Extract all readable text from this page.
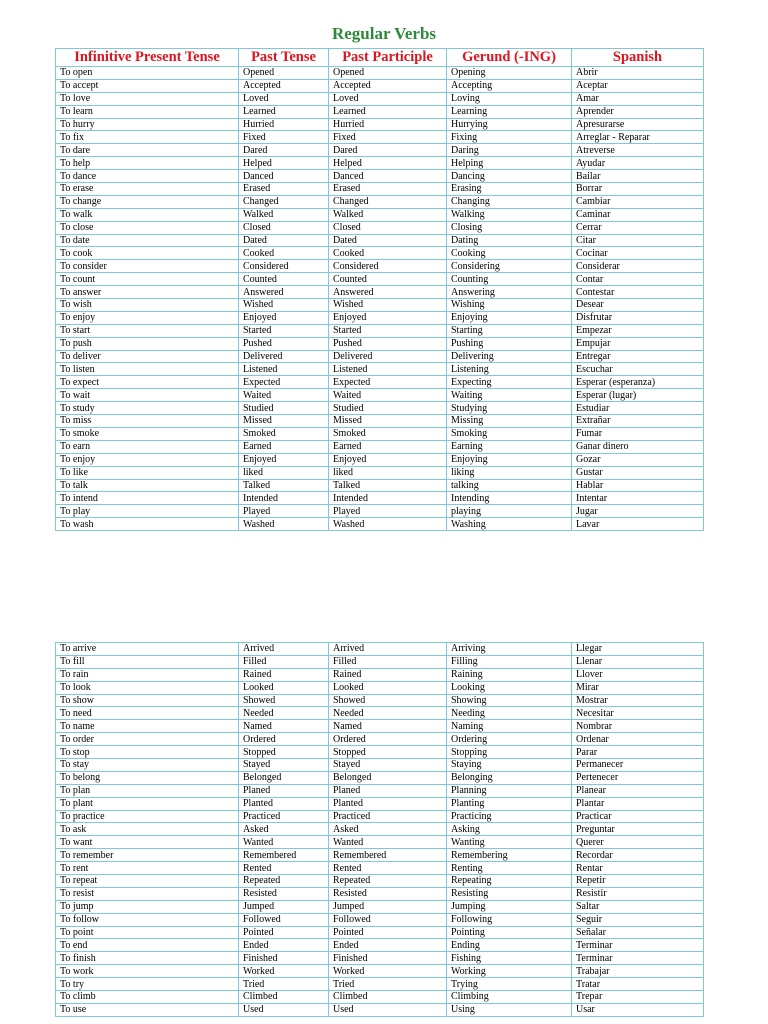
Regular Verbs
Infinitive Present Tense	Past Tense	Past Participle	Gerund (-ING)	Spanish
To open	Opened	Opened	Opening	Abrir
To accept	Accepted	Accepted	Accepting	Aceptar
To love	Loved	Loved	Loving	Amar
To learn	Learned	Learned	Learning	Aprender
To hurry	Hurried	Hurried	Hurrying	Apresurarse
To fix	Fixed	Fixed	Fixing	Arreglar - Reparar
To dare	Dared	Dared	Daring	Atreverse
To help	Helped	Helped	Helping	Ayudar
To dance	Danced	Danced	Dancing	Bailar
To erase	Erased	Erased	Erasing	Borrar
To change	Changed	Changed	Changing	Cambiar
To walk	Walked	Walked	Walking	Caminar
To close	Closed	Closed	Closing	Cerrar
To date	Dated	Dated	Dating	Citar
To cook	Cooked	Cooked	Cooking	Cocinar
To consider	Considered	Considered	Considering	Considerar
To count	Counted	Counted	Counting	Contar
To answer	Answered	Answered	Answering	Contestar
To wish	Wished	Wished	Wishing	Desear
To enjoy	Enjoyed	Enjoyed	Enjoying	Disfrutar
To start	Started	Started	Starting	Empezar
To push	Pushed	Pushed	Pushing	Empujar
To deliver	Delivered	Delivered	Delivering	Entregar
To listen	Listened	Listened	Listening	Escuchar
To expect	Expected	Expected	Expecting	Esperar (esperanza)
To wait	Waited	Waited	Waiting	Esperar (lugar)
To study	Studied	Studied	Studying	Estudiar
To miss	Missed	Missed	Missing	Extrañar
To smoke	Smoked	Smoked	Smoking	Fumar
To earn	Earned	Earned	Earning	Ganar dinero
To enjoy	Enjoyed	Enjoyed	Enjoying	Gozar
To like	liked	liked	liking	Gustar
To talk	Talked	Talked	talking	Hablar
To intend	Intended	Intended	Intending	Intentar
To play	Played	Played	playing	Jugar
To wash	Washed	Washed	Washing	Lavar
To arrive	Arrived	Arrived	Arriving	Llegar
To fill	Filled	Filled	Filling	Llenar
To rain	Rained	Rained	Raining	Llover
To look	Looked	Looked	Looking	Mirar
To show	Showed	Showed	Showing	Mostrar
To need	Needed	Needed	Needing	Necesitar
To name	Named	Named	Naming	Nombrar
To order	Ordered	Ordered	Ordering	Ordenar
To stop	Stopped	Stopped	Stopping	Parar
To stay	Stayed	Stayed	Staying	Permanecer
To belong	Belonged	Belonged	Belonging	Pertenecer
To plan	Planed	Planed	Planning	Planear
To plant	Planted	Planted	Planting	Plantar
To practice	Practiced	Practiced	Practicing	Practicar
To ask	Asked	Asked	Asking	Preguntar
To want	Wanted	Wanted	Wanting	Querer
To remember	Remembered	Remembered	Remembering	Recordar
To rent	Rented	Rented	Renting	Rentar
To repeat	Repeated	Repeated	Repeating	Repetir
To resist	Resisted	Resisted	Resisting	Resistir
To jump	Jumped	Jumped	Jumping	Saltar
To follow	Followed	Followed	Following	Seguir
To point	Pointed	Pointed	Pointing	Señalar
To end	Ended	Ended	Ending	Terminar
To finish	Finished	Finished	Fishing	Terminar
To work	Worked	Worked	Working	Trabajar
To try	Tried	Tried	Trying	Tratar
To climb	Climbed	Climbed	Climbing	Trepar
To use	Used	Used	Using	Usar
